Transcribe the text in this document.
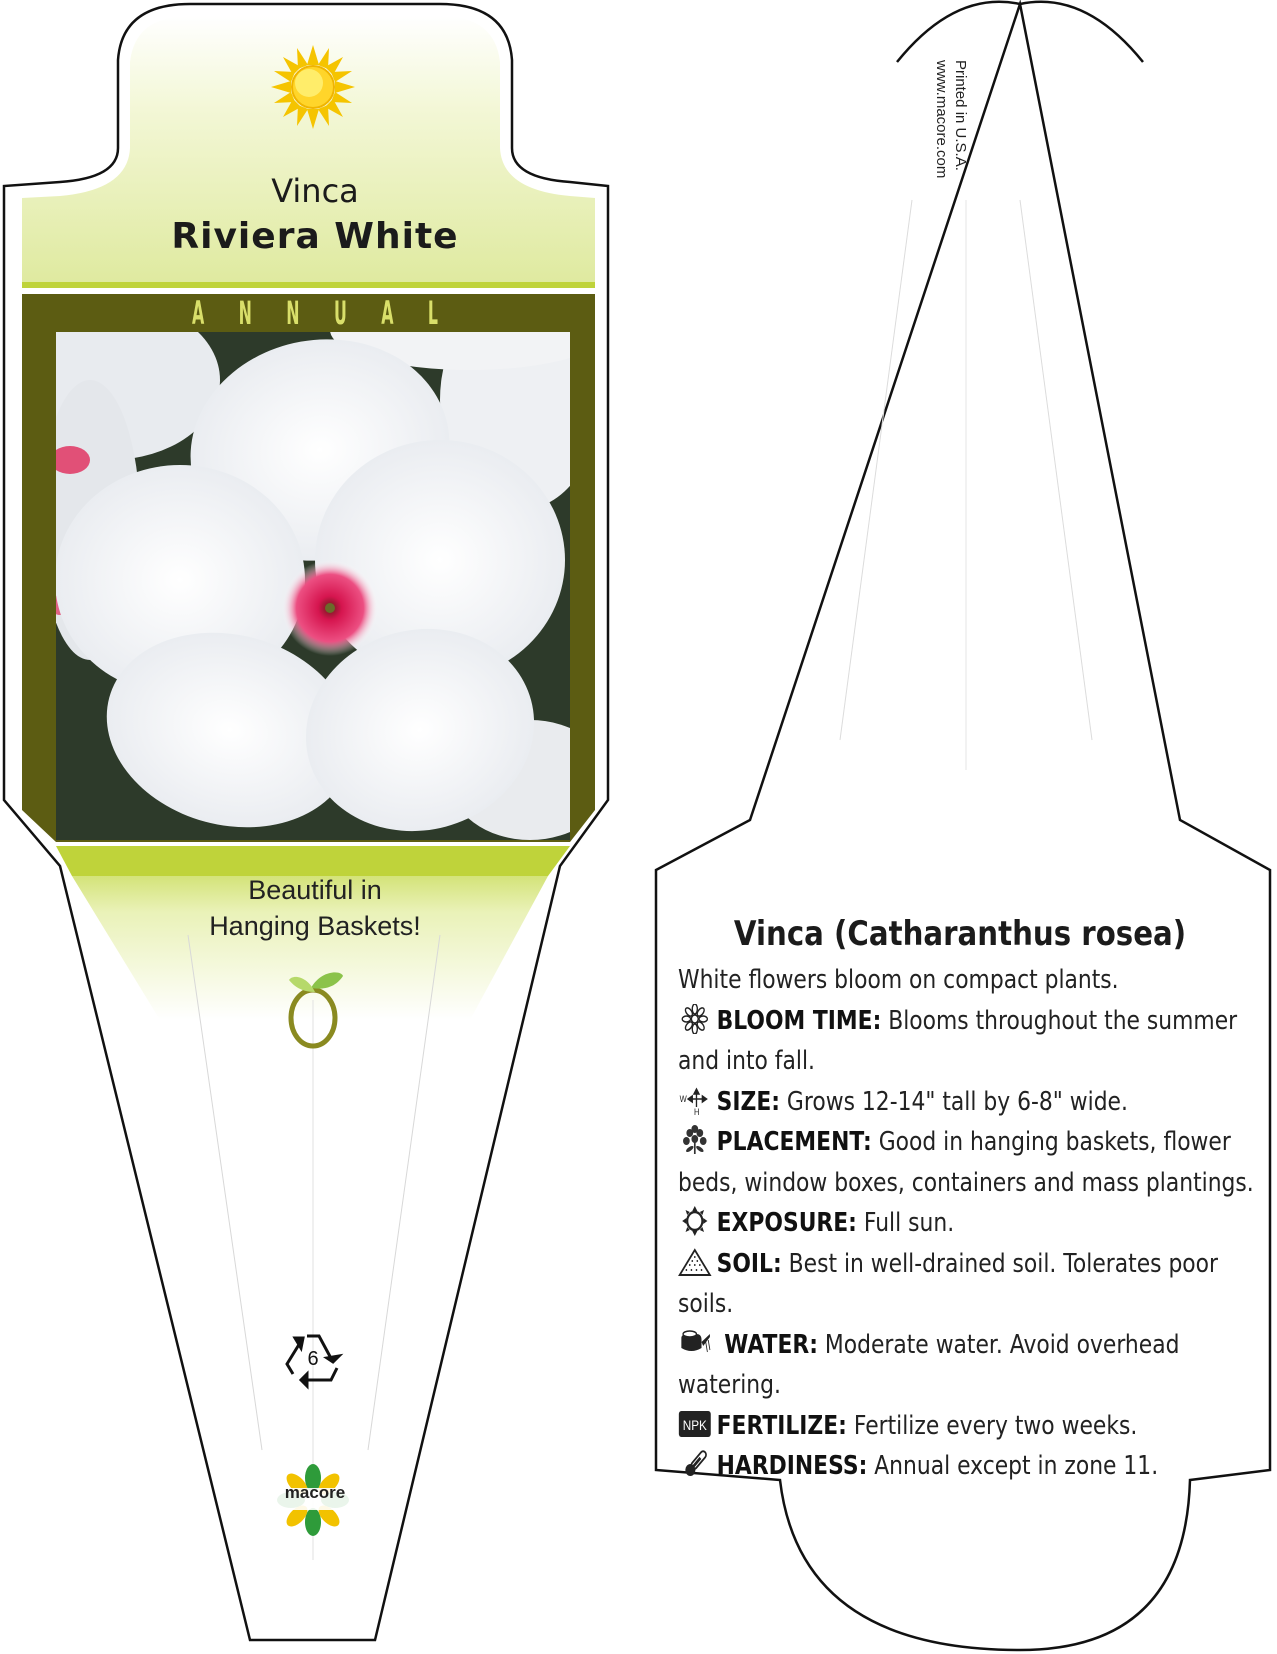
Vinca
Riviera White
A N N U A L
Beautiful in
Hanging Baskets!
6
macore
Printed in U.S.A.
www.macore.com
Vinca (Catharanthus rosea)

White flowers bloom on compact plants.

BLOOM TIME: Blooms throughout the summer and into fall.

W
H SIZE: Grows 12-14" tall by 6-8" wide.

PLACEMENT: Good in hanging baskets, flower beds, window boxes, containers and mass plantings.

EXPOSURE: Full sun.

SOIL: Best in well-drained soil. Tolerates poor soils.

WATER: Moderate water. Avoid overhead watering.

NPK FERTILIZE: Fertilize every two weeks.

HARDINESS: Annual except in zone 11.
